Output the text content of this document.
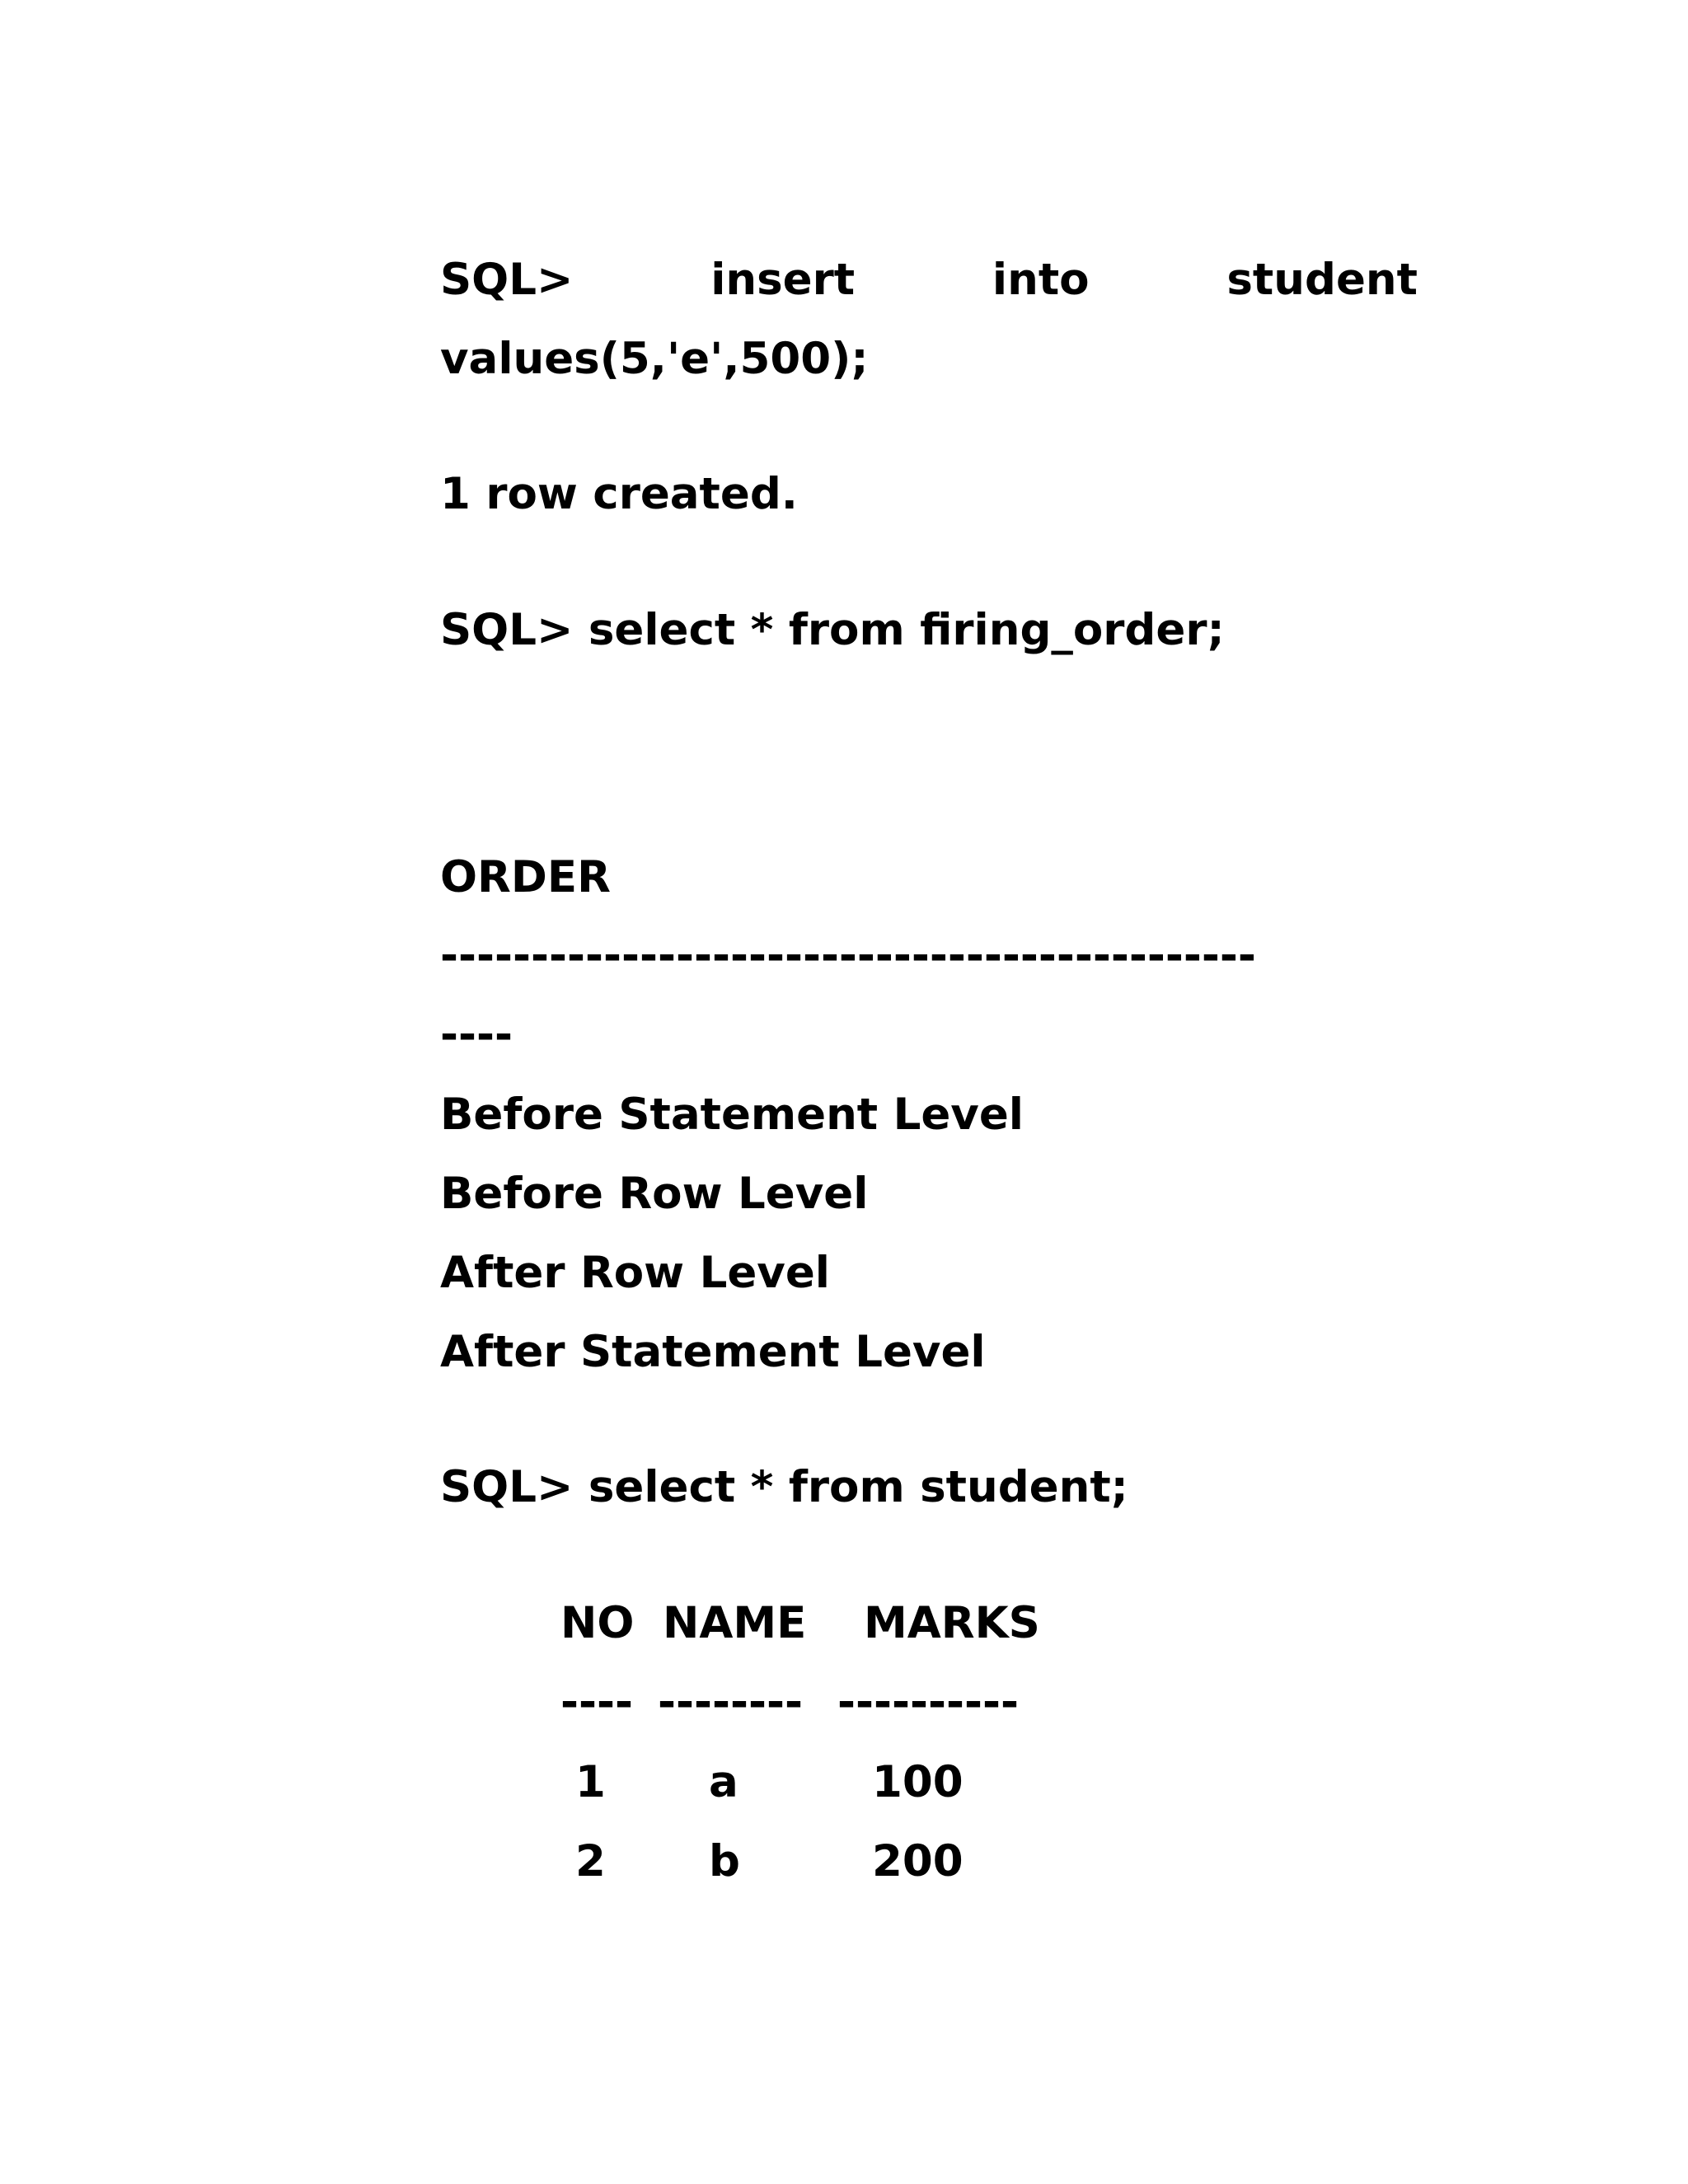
SQL>	insert	into	student
values(5,'e',500);
1 row created.
SQL> select * from firing_order;
ORDER
---------------------------------------------
----
Before Statement Level
Before Row Level
After Row Level
After Statement Level
SQL> select * from student;
NO NAME MARKS
---- -------- ----------
1 a	100
2 b	200
